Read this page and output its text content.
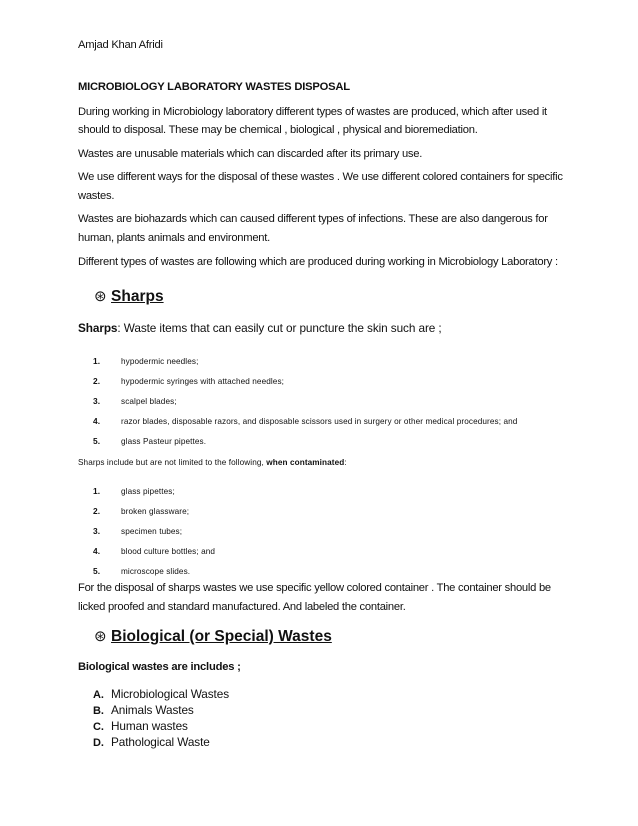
Amjad Khan Afridi
MICROBIOLOGY LABORATORY WASTES DISPOSAL
During working in Microbiology laboratory different types of wastes are produced, which after used it
should to disposal. These may be chemical , biological , physical and bioremediation.
Wastes are unusable materials which can discarded after its primary use.
We use different ways for the disposal of these wastes . We use different colored containers for specific
wastes.
Wastes are biohazards which can caused different types of infections. These are also dangerous for
human, plants animals and environment.
Different types of wastes are following which are produced during working in Microbiology Laboratory :
⊛ Sharps
Sharps: Waste items that can easily cut or puncture the skin such are ;
1.	hypodermic needles;
2.	hypodermic syringes with attached needles;
3.	scalpel blades;
4.	razor blades, disposable razors, and disposable scissors used in surgery or other medical procedures; and
5.	glass Pasteur pipettes.
Sharps include but are not limited to the following, when contaminated:
1.	glass pipettes;
2.	broken glassware;
3.	specimen tubes;
4.	blood culture bottles; and
5.	microscope slides.
For the disposal of sharps wastes we use specific yellow colored container . The container should be
licked proofed and standard manufactured. And labeled the container.
⊛ Biological (or Special) Wastes
Biological wastes are includes ;
A. Microbiological Wastes
B. Animals Wastes
C. Human wastes
D. Pathological Waste
